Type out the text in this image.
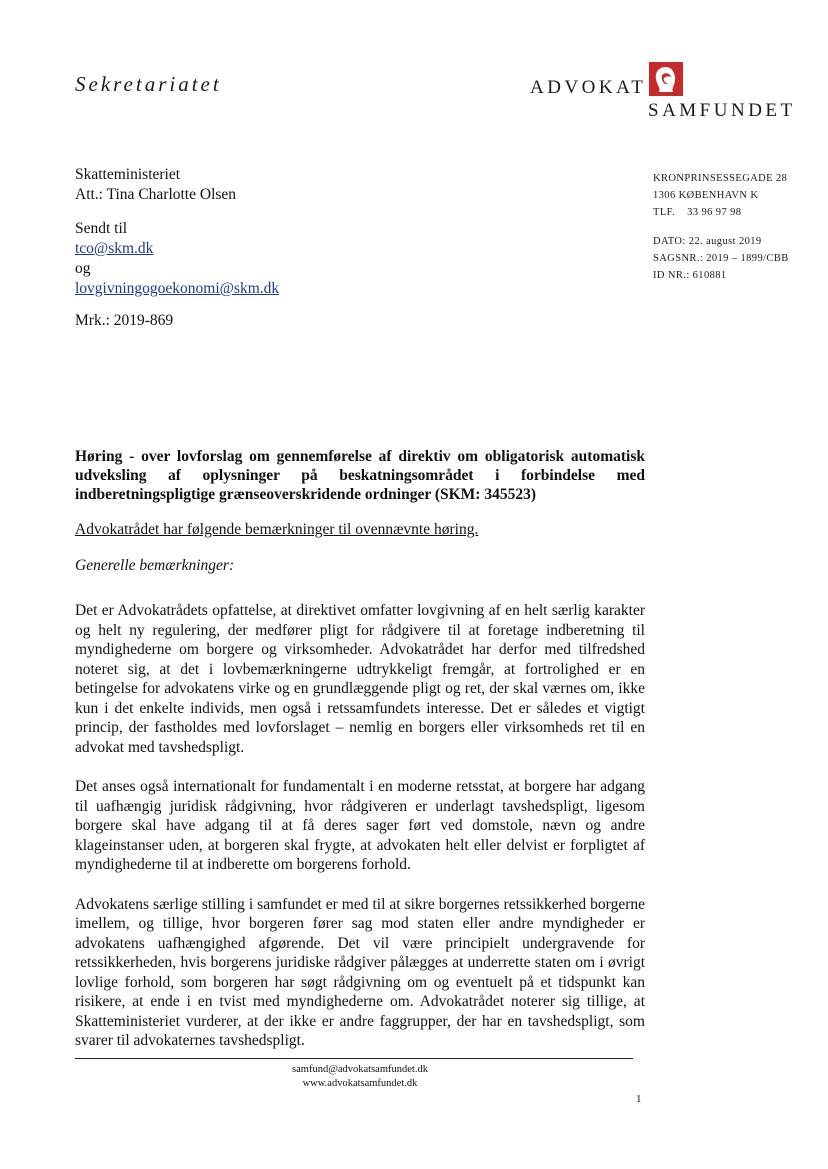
Sekretariatet	ADVOKAT
SAMFUNDET
Skatteministeriet
Att.: Tina Charlotte Olsen
Sendt til
tco@skm.dk
og
lovgivningogoekonomi@skm.dk
Mrk.: 2019-869
KRONPRINSESSEGADE 28
1306 KØBENHAVN K
TLF.    33 96 97 98
DATO: 22. august 2019
SAGSNR.: 2019 – 1899/CBB
ID NR.: 610881
Høring - over lovforslag om gennemførelse af direktiv om obligatorisk automatisk udveksling af oplysninger på beskatningsområdet i forbindelse med indberetningspligtige grænseoverskridende ordninger (SKM: 345523)
Advokatrådet har følgende bemærkninger til ovennævnte høring.
Generelle bemærkninger:

Det er Advokatrådets opfattelse, at direktivet omfatter lovgivning af en helt særlig karakter og helt ny regulering, der medfører pligt for rådgivere til at foretage indberetning til myndighederne om borgere og virksomheder. Advokatrådet har derfor med tilfredshed noteret sig, at det i lovbemærkningerne udtrykkeligt fremgår, at fortrolighed er en betingelse for advokatens virke og en grundlæggende pligt og ret, der skal værnes om, ikke kun i det enkelte individs, men også i retssamfundets interesse. Det er således et vigtigt princip, der fastholdes med lovforslaget – nemlig en borgers eller virksomheds ret til en advokat med tavshedspligt.

Det anses også internationalt for fundamentalt i en moderne retsstat, at borgere har adgang til uafhængig juridisk rådgivning, hvor rådgiveren er underlagt tavshedspligt, ligesom borgere skal have adgang til at få deres sager ført ved domstole, nævn og andre klageinstanser uden, at borgeren skal frygte, at advokaten helt eller delvist er forpligtet af myndighederne til at indberette om borgerens forhold.

Advokatens særlige stilling i samfundet er med til at sikre borgernes retssikkerhed borgerne imellem, og tillige, hvor borgeren fører sag mod staten eller andre myndigheder er advokatens uafhængighed afgørende. Det vil være principielt undergravende for retssikkerheden, hvis borgerens juridiske rådgiver pålægges at underrette staten om i øvrigt lovlige forhold, som borgeren har søgt rådgivning om og eventuelt på et tidspunkt kan risikere, at ende i en tvist med myndighederne om. Advokatrådet noterer sig tillige, at Skatteministeriet vurderer, at der ikke er andre faggrupper, der har en tavshedspligt, som svarer til advokaternes tavshedspligt.

samfund@advokatsamfundet.dk
www.advokatsamfundet.dk
1
